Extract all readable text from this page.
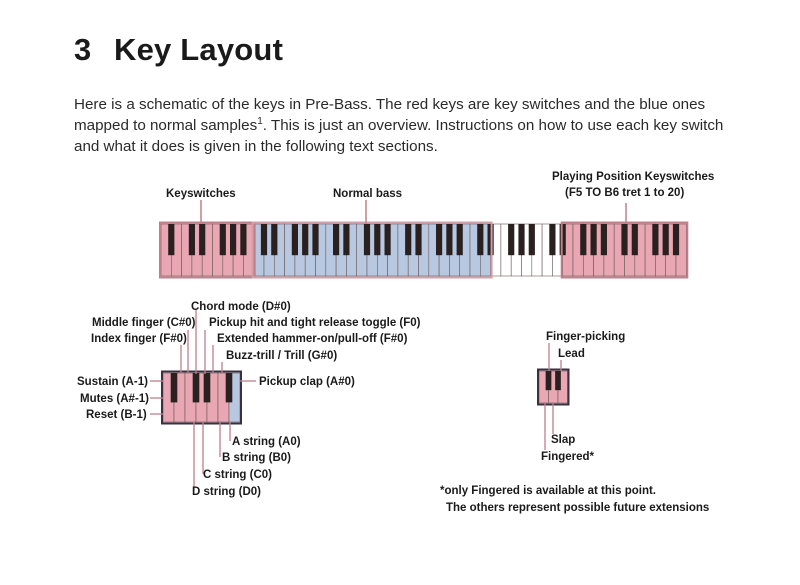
3 Key Layout
Here is a schematic of the keys in Pre-Bass. The red keys are key switches and the blue ones mapped to normal samples$^1$. This is just an overview. Instructions on how to use each key switch and what it does is given in the following text sections.
Keyswitches	Normal bass
Playing Position Keyswitches
(F5 TO B6 tret 1 to 20)
Chord mode (D#0)
Middle finger (C#0) Pickup hit and tight release toggle (F0)
Index finger (F#0)	Extended hammer-on/pull-off (F#0)
Buzz-trill / Trill (G#0)
Sustain (A-1)	Pickup clap (A#0)
Mutes (A#-1)
Reset (B-1)
A string (A0)
B string (B0)
C string (C0)
D string (D0)
Finger-picking
Lead
Slap
Fingered*
*only Fingered is available at this point.
The others represent possible future extensions
